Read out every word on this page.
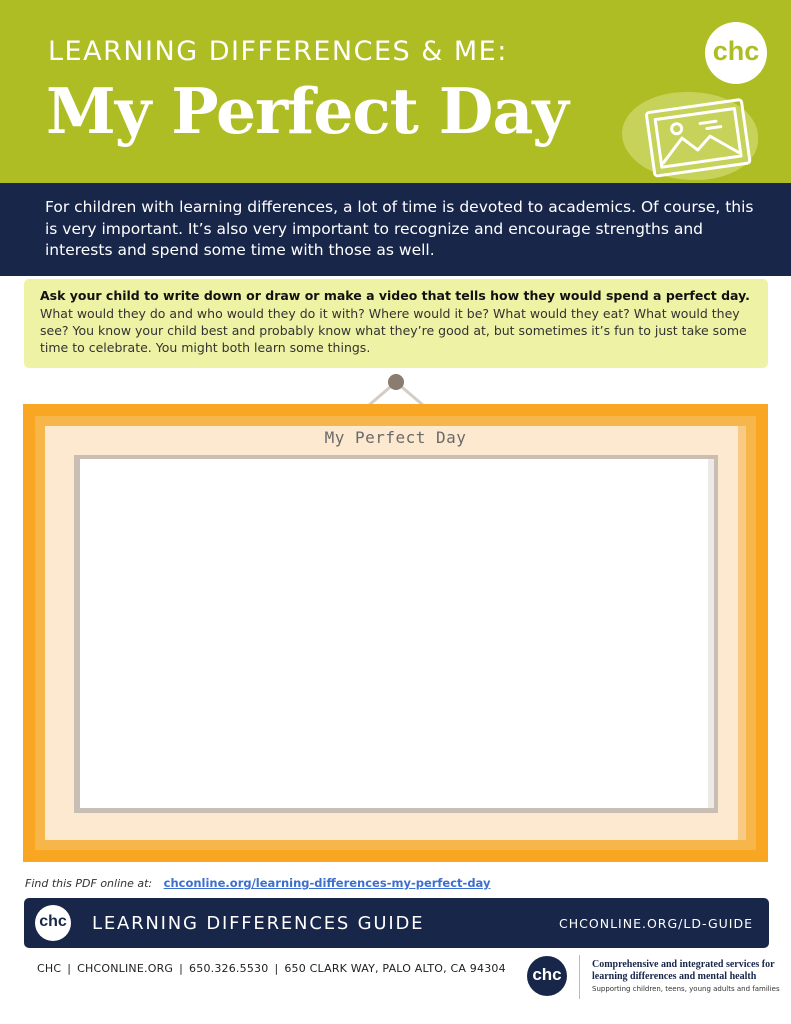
LEARNING DIFFERENCES & ME:
My Perfect Day
chc
For children with learning differences, a lot of time is devoted to academics. Of course, this is very important. It’s also very important to recognize and encourage strengths and interests and spend some time with those as well.
Ask your child to write down or draw or make a video that tells how they would spend a perfect day.
What would they do and who would they do it with? Where would it be? What would they eat? What would they see? You know your child best and probably know what they’re good at, but sometimes it’s fun to just take some time to celebrate. You might both learn some things.
My Perfect Day
Find this PDF online at: chconline.org/learning-differences-my-perfect-day
chc LEARNING DIFFERENCES GUIDE	CHCONLINE.ORG/LD-GUIDE
CHC | CHCONLINE.ORG | 650.326.5530 | 650 CLARK WAY, PALO ALTO, CA 94304	chc
Comprehensive and integrated services for learning differences and mental health
Supporting children, teens, young adults and families
